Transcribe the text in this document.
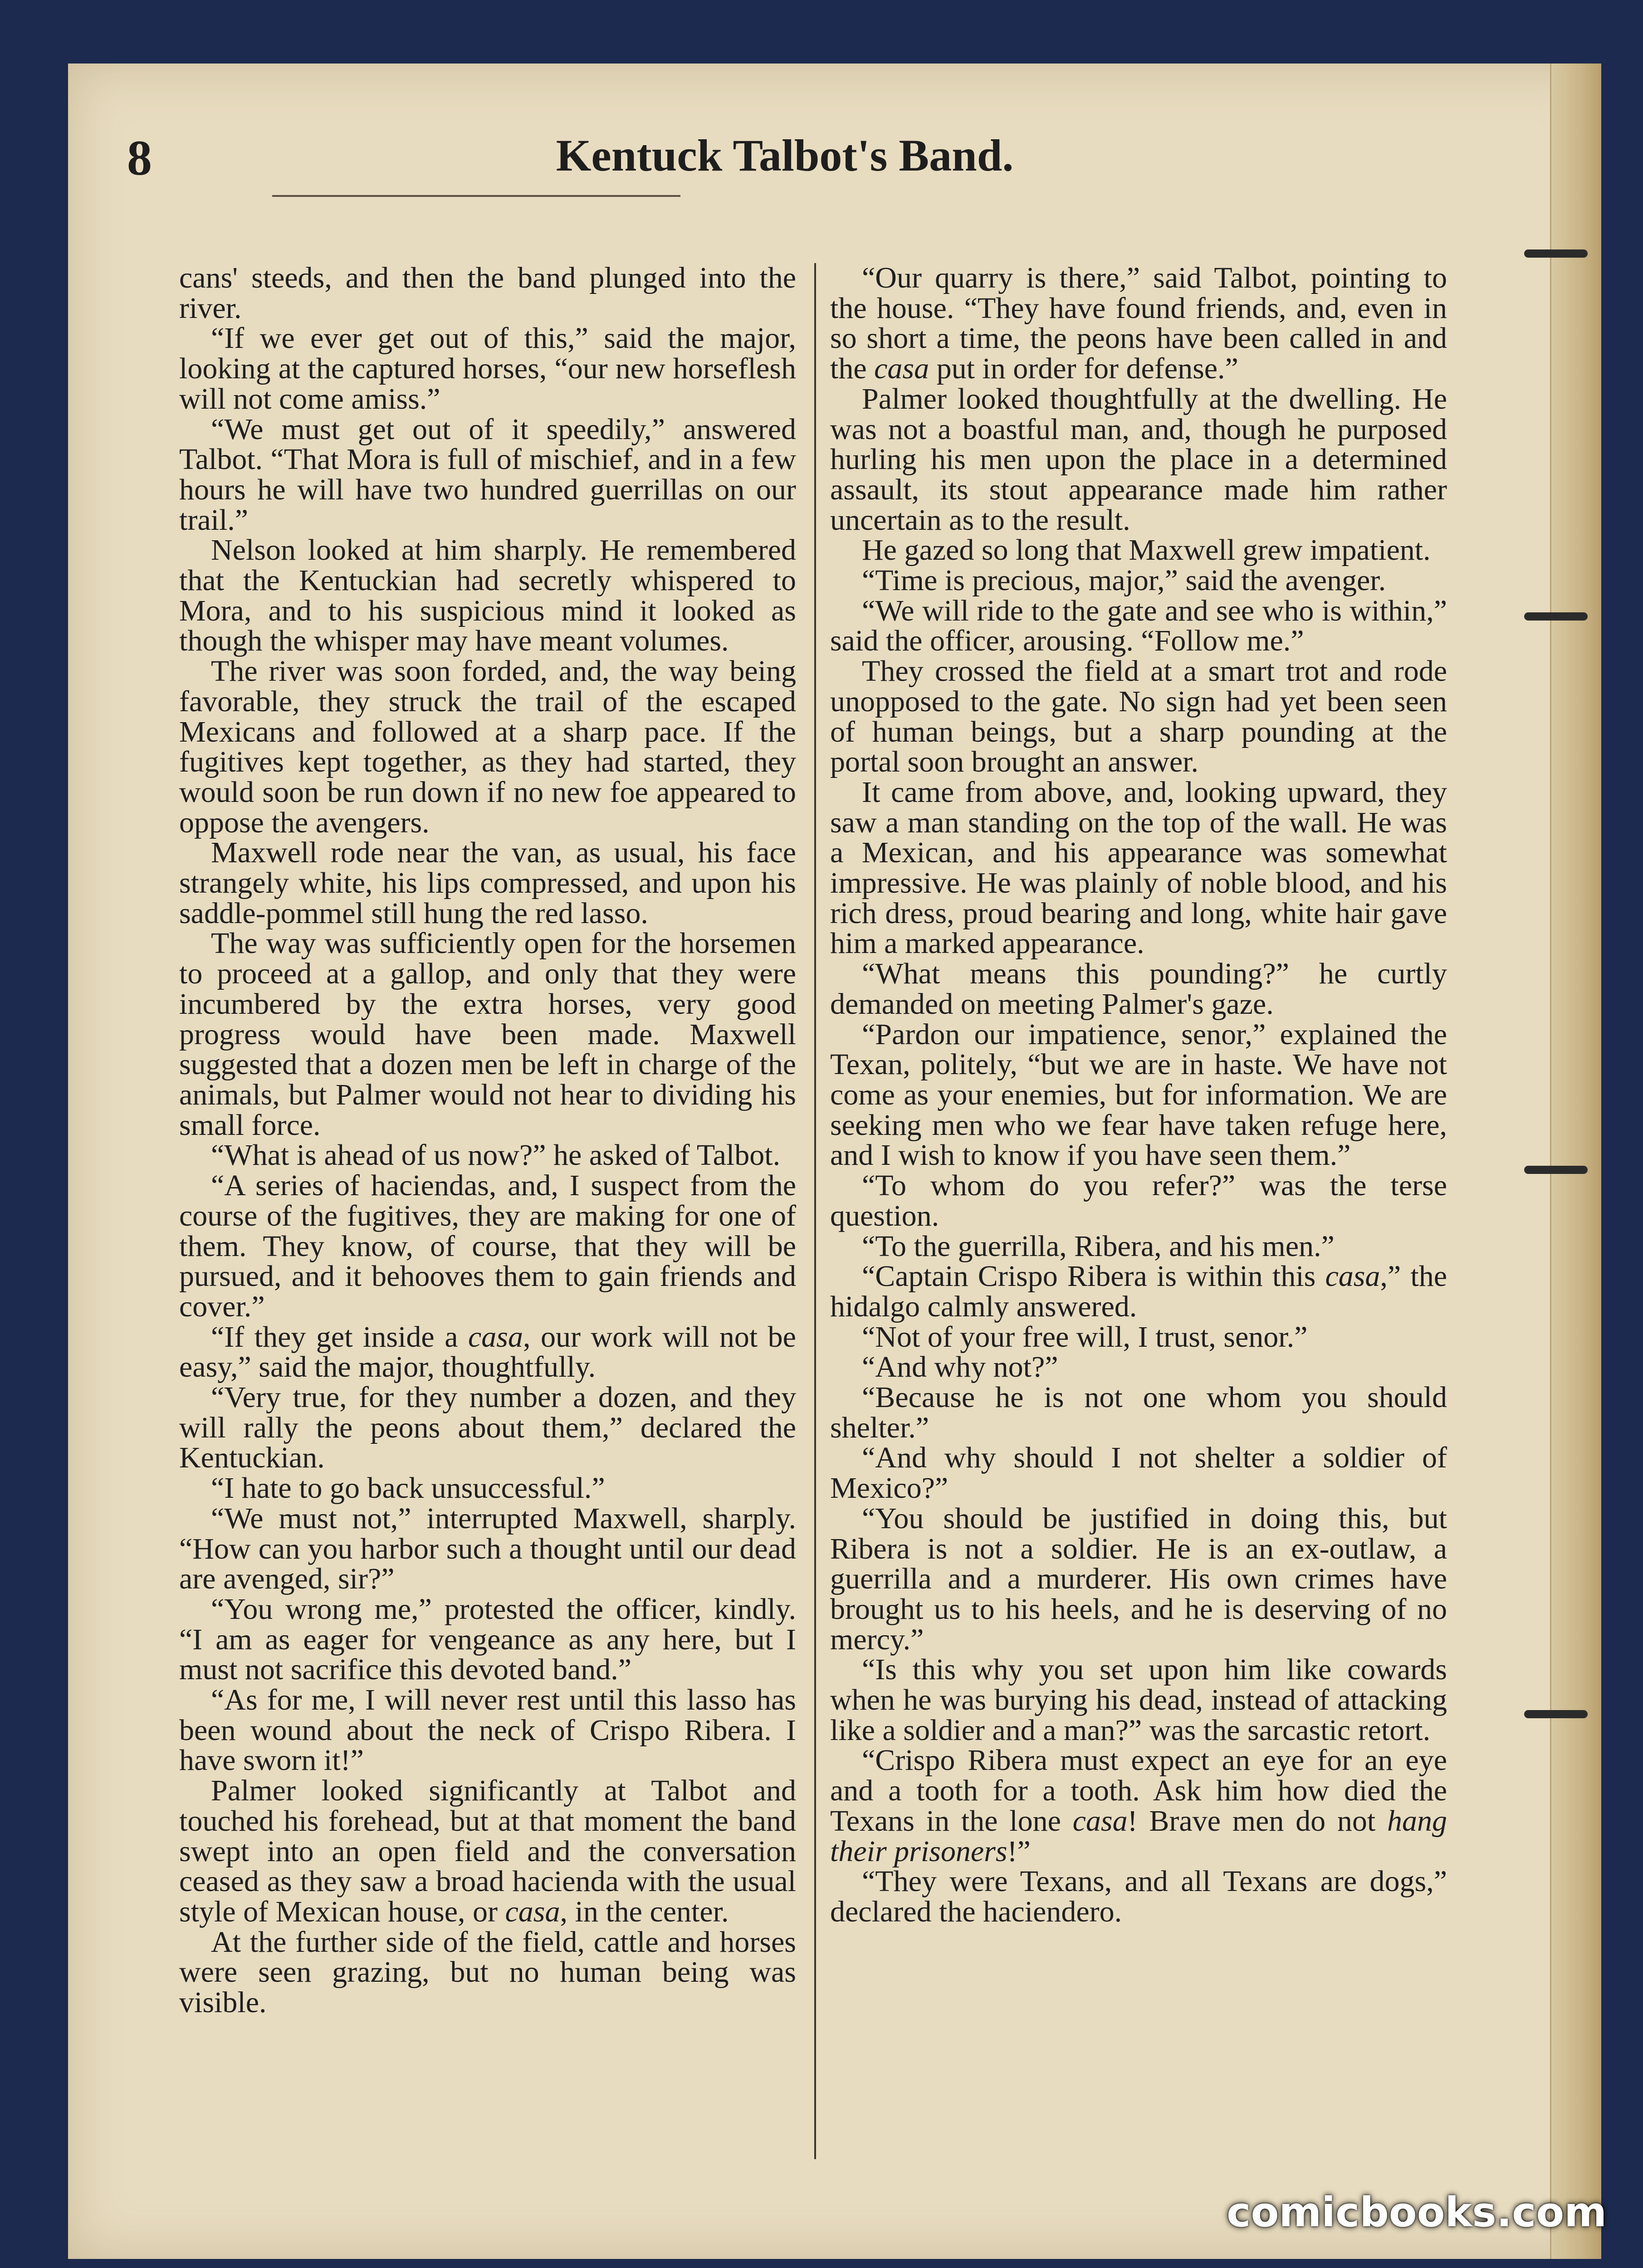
8	Kentuck Talbot's Band.

cans' steeds, and then the band plunged into the river.

“If we ever get out of this,” said the major, looking at the captured horses, “our new horseflesh will not come amiss.”

“We must get out of it speedily,” answered Talbot. “That Mora is full of mischief, and in a few hours he will have two hundred guerrillas on our trail.”

Nelson looked at him sharply. He remembered that the Kentuckian had secretly whispered to Mora, and to his suspicious mind it looked as though the whisper may have meant volumes.

The river was soon forded, and, the way being favorable, they struck the trail of the escaped Mexicans and followed at a sharp pace. If the fugitives kept together, as they had started, they would soon be run down if no new foe appeared to oppose the avengers.

Maxwell rode near the van, as usual, his face strangely white, his lips compressed, and upon his saddle-pommel still hung the red lasso.

The way was sufficiently open for the horsemen to proceed at a gallop, and only that they were incumbered by the extra horses, very good progress would have been made. Maxwell suggested that a dozen men be left in charge of the animals, but Palmer would not hear to dividing his small force.

“What is ahead of us now?” he asked of Talbot.

“A series of haciendas, and, I suspect from the course of the fugitives, they are making for one of them. They know, of course, that they will be pursued, and it behooves them to gain friends and cover.”

“If they get inside a casa, our work will not be easy,” said the major, thoughtfully.

“Very true, for they number a dozen, and they will rally the peons about them,” declared the Kentuckian.

“I hate to go back unsuccessful.”

“We must not,” interrupted Maxwell, sharply. “How can you harbor such a thought until our dead are avenged, sir?”

“You wrong me,” protested the officer, kindly. “I am as eager for vengeance as any here, but I must not sacrifice this devoted band.”

“As for me, I will never rest until this lasso has been wound about the neck of Crispo Ribera. I have sworn it!”

Palmer looked significantly at Talbot and touched his forehead, but at that moment the band swept into an open field and the conversation ceased as they saw a broad hacienda with the usual style of Mexican house, or casa, in the center.

At the further side of the field, cattle and horses were seen grazing, but no human being was visible.

“Our quarry is there,” said Talbot, pointing to the house. “They have found friends, and, even in so short a time, the peons have been called in and the casa put in order for defense.”

Palmer looked thoughtfully at the dwelling. He was not a boastful man, and, though he purposed hurling his men upon the place in a determined assault, its stout appearance made him rather uncertain as to the result.

He gazed so long that Maxwell grew impatient.

“Time is precious, major,” said the avenger.

“We will ride to the gate and see who is within,” said the officer, arousing. “Follow me.”

They crossed the field at a smart trot and rode unopposed to the gate. No sign had yet been seen of human beings, but a sharp pounding at the portal soon brought an answer.

It came from above, and, looking upward, they saw a man standing on the top of the wall. He was a Mexican, and his appearance was somewhat impressive. He was plainly of noble blood, and his rich dress, proud bearing and long, white hair gave him a marked appearance.

“What means this pounding?” he curtly demanded on meeting Palmer's gaze.

“Pardon our impatience, senor,” explained the Texan, politely, “but we are in haste. We have not come as your enemies, but for information. We are seeking men who we fear have taken refuge here, and I wish to know if you have seen them.”

“To whom do you refer?” was the terse question.

“To the guerrilla, Ribera, and his men.”

“Captain Crispo Ribera is within this casa,” the hidalgo calmly answered.

“Not of your free will, I trust, senor.”

“And why not?”

“Because he is not one whom you should shelter.”

“And why should I not shelter a soldier of Mexico?”

“You should be justified in doing this, but Ribera is not a soldier. He is an ex-outlaw, a guerrilla and a murderer. His own crimes have brought us to his heels, and he is deserving of no mercy.”

“Is this why you set upon him like cowards when he was burying his dead, instead of attacking like a soldier and a man?” was the sarcastic retort.

“Crispo Ribera must expect an eye for an eye and a tooth for a tooth. Ask him how died the Texans in the lone casa! Brave men do not hang their prisoners!”

“They were Texans, and all Texans are dogs,” declared the haciendero.

comicbooks.com
